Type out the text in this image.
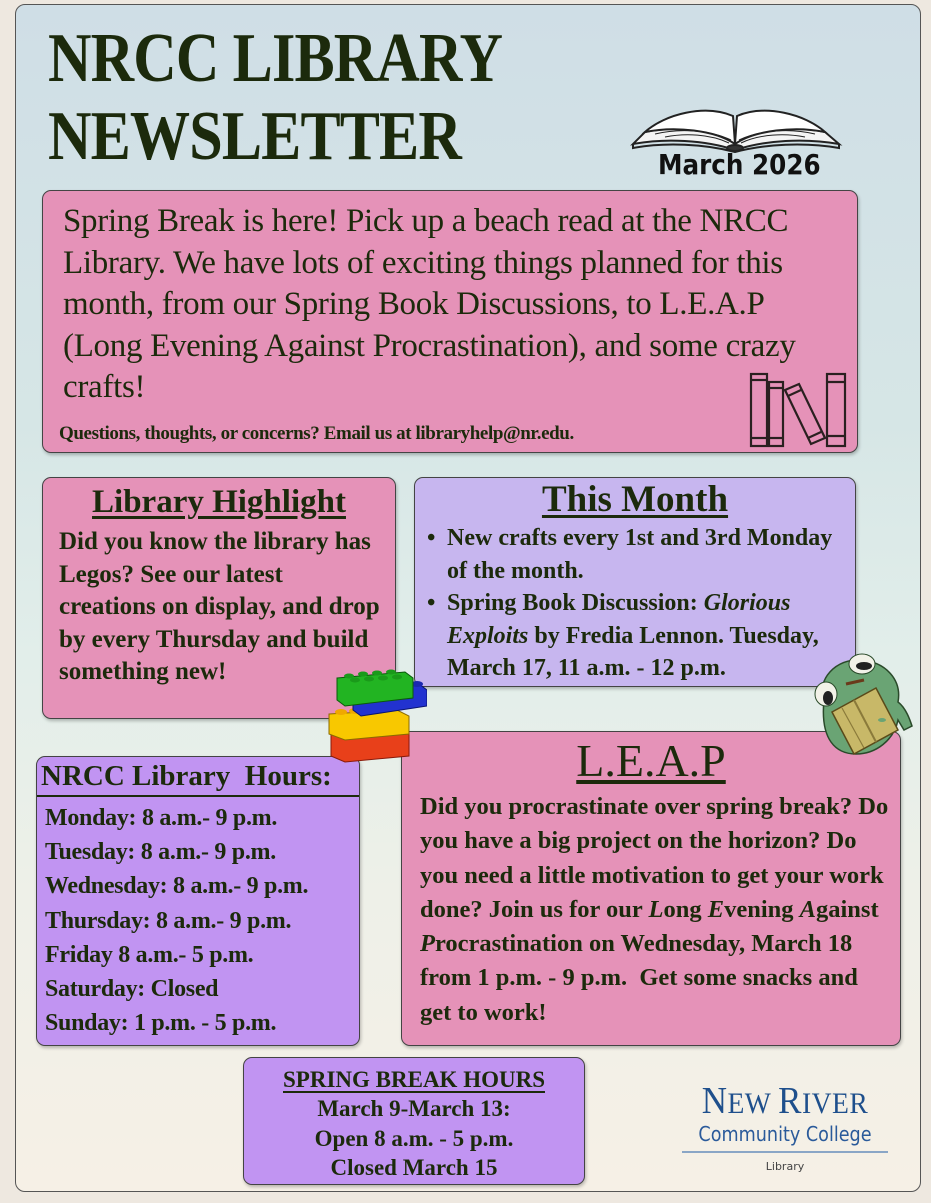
NRCC LIBRARY
NEWSLETTER	March 2026

Spring Break is here! Pick up a beach read at the NRCC Library. We have lots of exciting things planned for this month, from our Spring Book Discussions, to L.E.A.P (Long Evening Against Procrastination), and some crazy crafts!

Questions, thoughts, or concerns? Email us at libraryhelp@nr.edu.
Library Highlight

Did you know the library has Legos? See our latest creations on display, and drop by every Thursday and build something new!

This Month
• New crafts every 1st and 3rd Monday of the month.
• Spring Book Discussion: Glorious Exploits by Fredia Lennon. Tuesday, March 17, 11 a.m. - 12 p.m.
NRCC Library  Hours:
Monday: 8 a.m.- 9 p.m.
Tuesday: 8 a.m.- 9 p.m.
Wednesday: 8 a.m.- 9 p.m.
Thursday: 8 a.m.- 9 p.m.
Friday 8 a.m.- 5 p.m.
Saturday: Closed
Sunday: 1 p.m. - 5 p.m.
L.E.A.P

Did you procrastinate over spring break? Do you have a big project on the horizon? Do you need a little motivation to get your work done? Join us for our Long Evening Against Procrastination on Wednesday, March 18 from 1 p.m. - 9 p.m.  Get some snacks and get to work!

SPRING BREAK HOURS
March 9-March 13:
Open 8 a.m. - 5 p.m.
Closed March 15
NEW RIVER
Community College
Library
